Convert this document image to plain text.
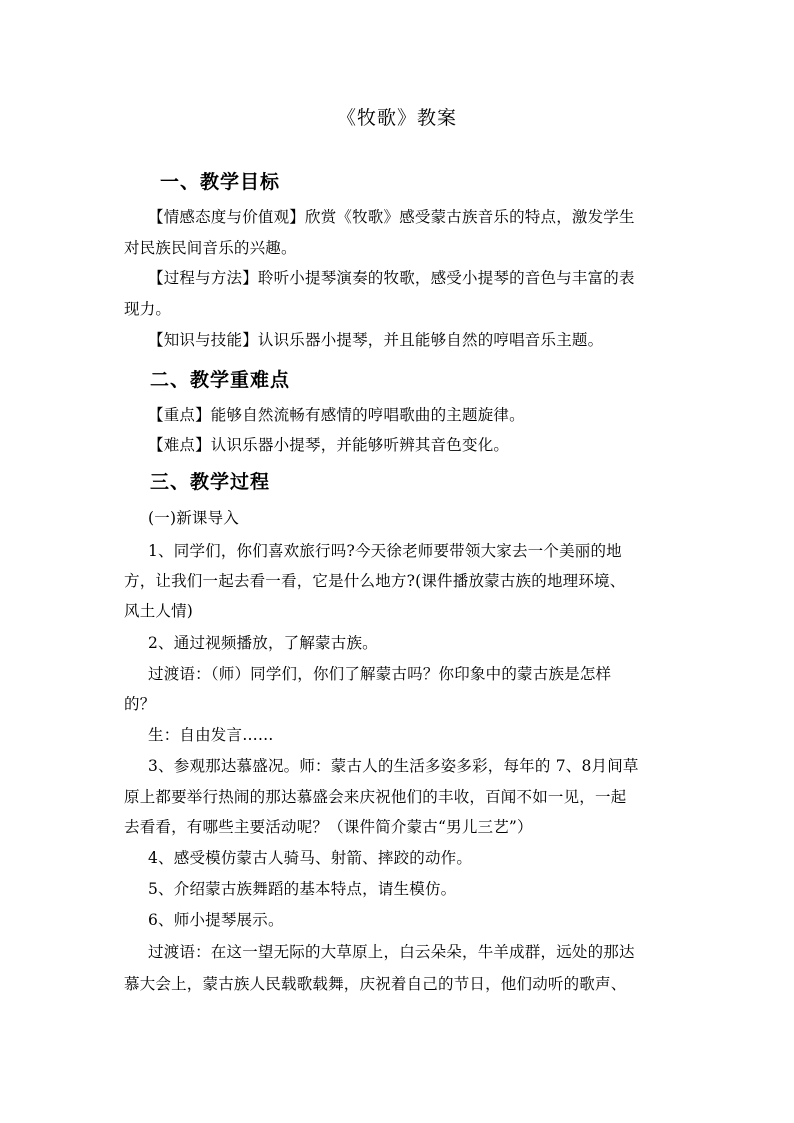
《牧歌》教案
一、教学目标
【情感态度与价值观】欣赏《牧歌》感受蒙古族音乐的特点，激发学生
对民族民间音乐的兴趣。
【过程与方法】聆听小提琴演奏的牧歌，感受小提琴的音色与丰富的表
现力。
【知识与技能】认识乐器小提琴，并且能够自然的哼唱音乐主题。
二、教学重难点
【重点】能够自然流畅有感情的哼唱歌曲的主题旋律。
【难点】认识乐器小提琴，并能够听辨其音色变化。
三、教学过程
(一)新课导入
1、同学们，你们喜欢旅行吗?今天徐老师要带领大家去一个美丽的地
方，让我们一起去看一看，它是什么地方?(课件播放蒙古族的地理环境、
风土人情)
2、通过视频播放，了解蒙古族。
过渡语：（师）同学们，你们了解蒙古吗？你印象中的蒙古族是怎样
的？
生：自由发言……
3、参观那达慕盛况。师：蒙古人的生活多姿多彩，每年的 7、8月间草
原上都要举行热闹的那达慕盛会来庆祝他们的丰收，百闻不如一见，一起
去看看，有哪些主要活动呢？（课件简介蒙古“男儿三艺”）
4、感受模仿蒙古人骑马、射箭、摔跤的动作。
5、介绍蒙古族舞蹈的基本特点，请生模仿。
6、师小提琴展示。
过渡语：在这一望无际的大草原上，白云朵朵，牛羊成群，远处的那达
慕大会上，蒙古族人民载歌载舞，庆祝着自己的节日，他们动听的歌声、
